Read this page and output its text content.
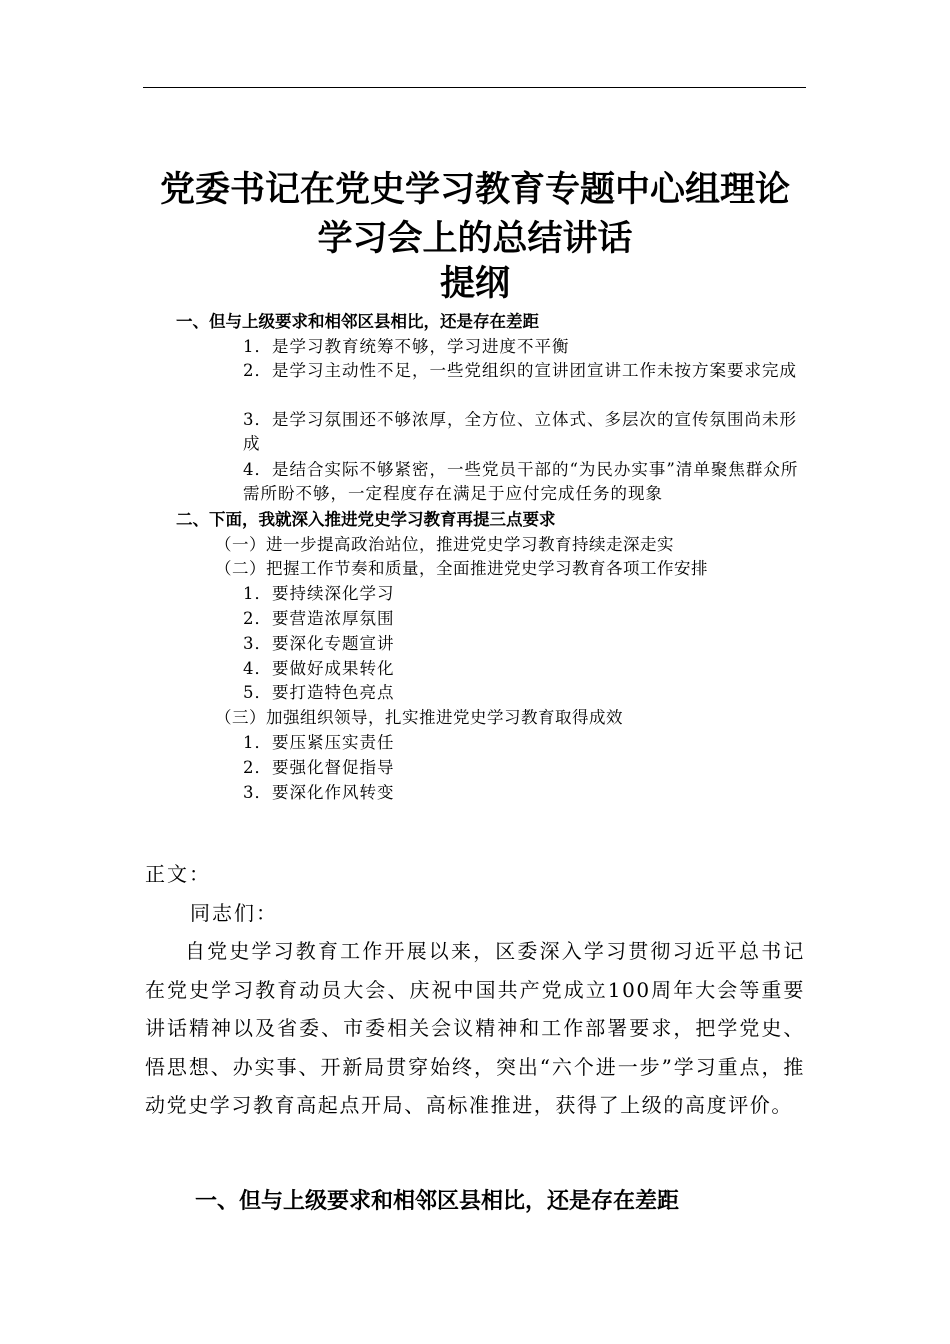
党委书记在党史学习教育专题中心组理论
学习会上的总结讲话
提纲
一、但与上级要求和相邻区县相比，还是存在差距
1．是学习教育统筹不够，学习进度不平衡
2．是学习主动性不足，一些党组织的宣讲团宣讲工作未按方案要求完成
3．是学习氛围还不够浓厚，全方位、立体式、多层次的宣传氛围尚未形成
4．是结合实际不够紧密，一些党员干部的“为民办实事”清单聚焦群众所需所盼不够，一定程度存在满足于应付完成任务的现象
二、下面，我就深入推进党史学习教育再提三点要求
（一）进一步提高政治站位，推进党史学习教育持续走深走实
（二）把握工作节奏和质量，全面推进党史学习教育各项工作安排
1．要持续深化学习
2．要营造浓厚氛围
3．要深化专题宣讲
4．要做好成果转化
5．要打造特色亮点
（三）加强组织领导，扎实推进党史学习教育取得成效
1．要压紧压实责任
2．要强化督促指导
3．要深化作风转变
正文：
同志们：
自党史学习教育工作开展以来，区委深入学习贯彻习近平总书记在党史学习教育动员大会、庆祝中国共产党成立100周年大会等重要讲话精神以及省委、市委相关会议精神和工作部署要求，把学党史、悟思想、办实事、开新局贯穿始终，突出“六个进一步”学习重点，推动党史学习教育高起点开局、高标准推进，获得了上级的高度评价。
一、但与上级要求和相邻区县相比，还是存在差距
